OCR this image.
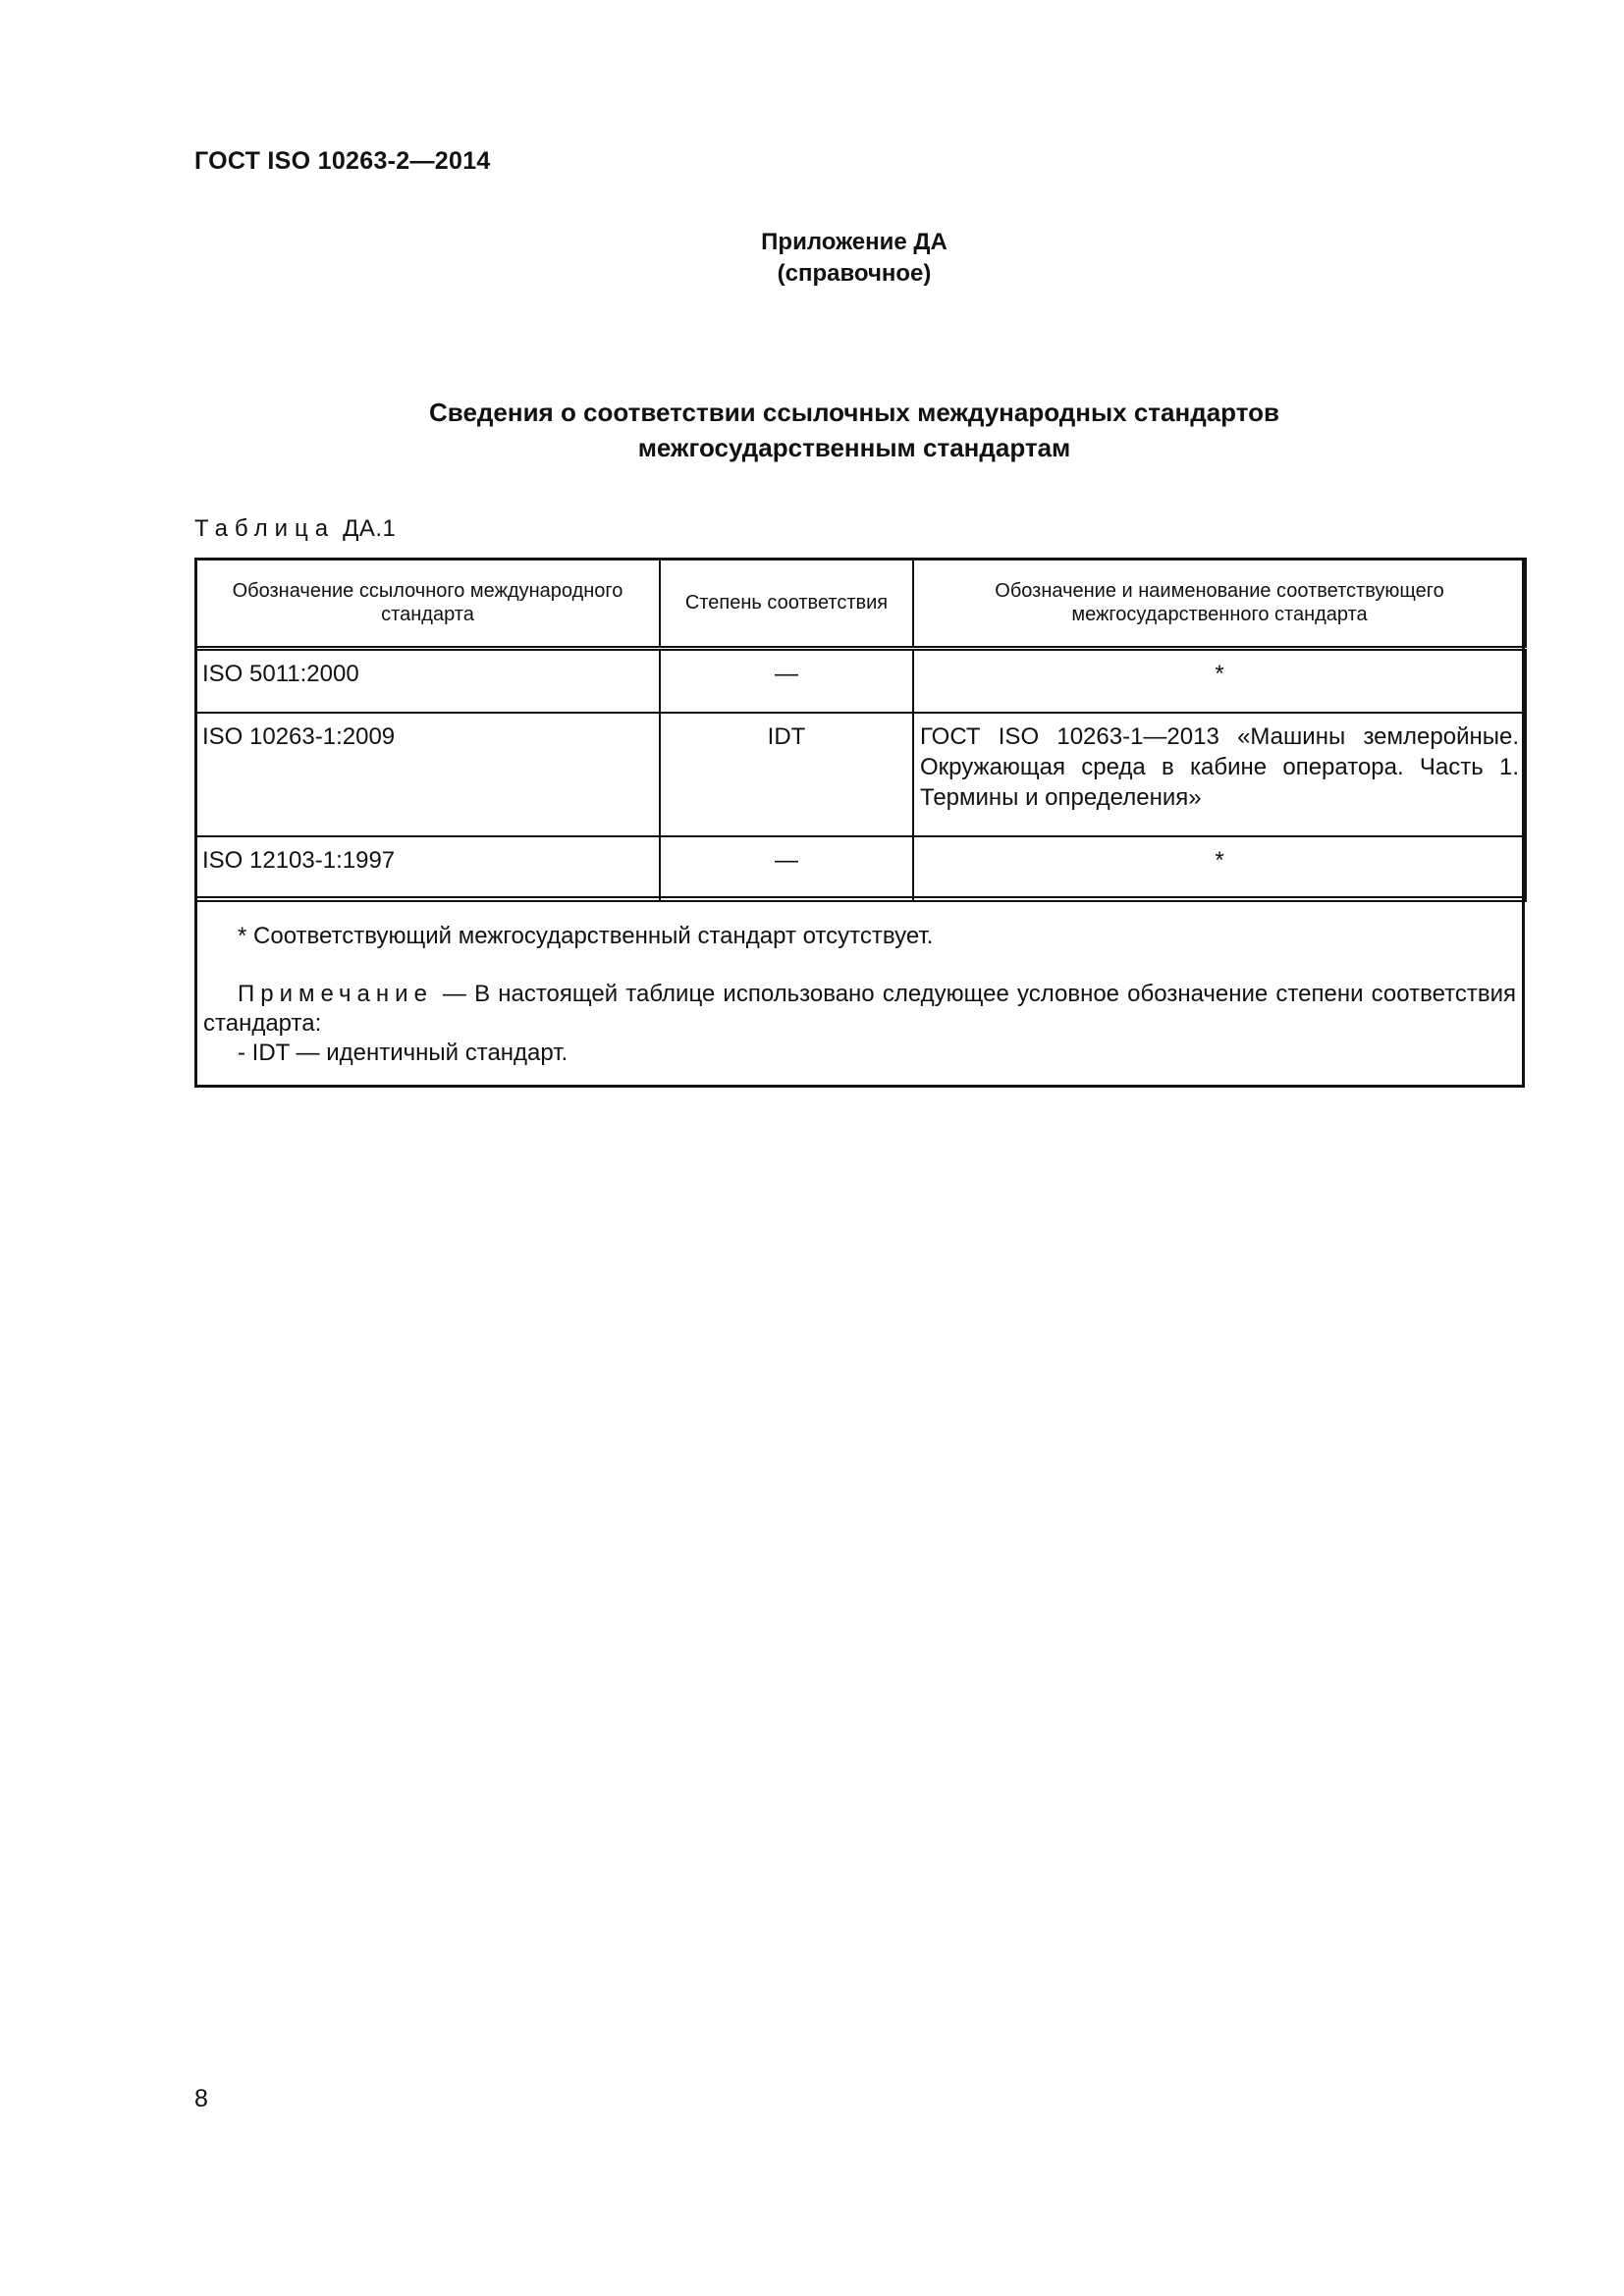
ГОСТ ISO 10263-2—2014
Приложение ДА
(справочное)
Сведения о соответствии ссылочных международных стандартов
межгосударственным стандартам
Таблица ДА.1
Обозначение ссылочного международного стандарта	Степень соответствия	Обозначение и наименование соответствующего межгосударственного стандарта
ISO 5011:2000	—	*
ISO 10263-1:2009	IDT	ГОСТ ISO 10263-1—2013 «Машины землеройные. Окружающая среда в кабине оператора. Часть 1. Термины и определения»
ISO 12103-1:1997	—	*
* Соответствующий межгосударственный стандарт отсутствует.
Примечание — В настоящей таблице использовано следующее условное обозначение степени соответствия стандарта:
- IDT — идентичный стандарт.
8
